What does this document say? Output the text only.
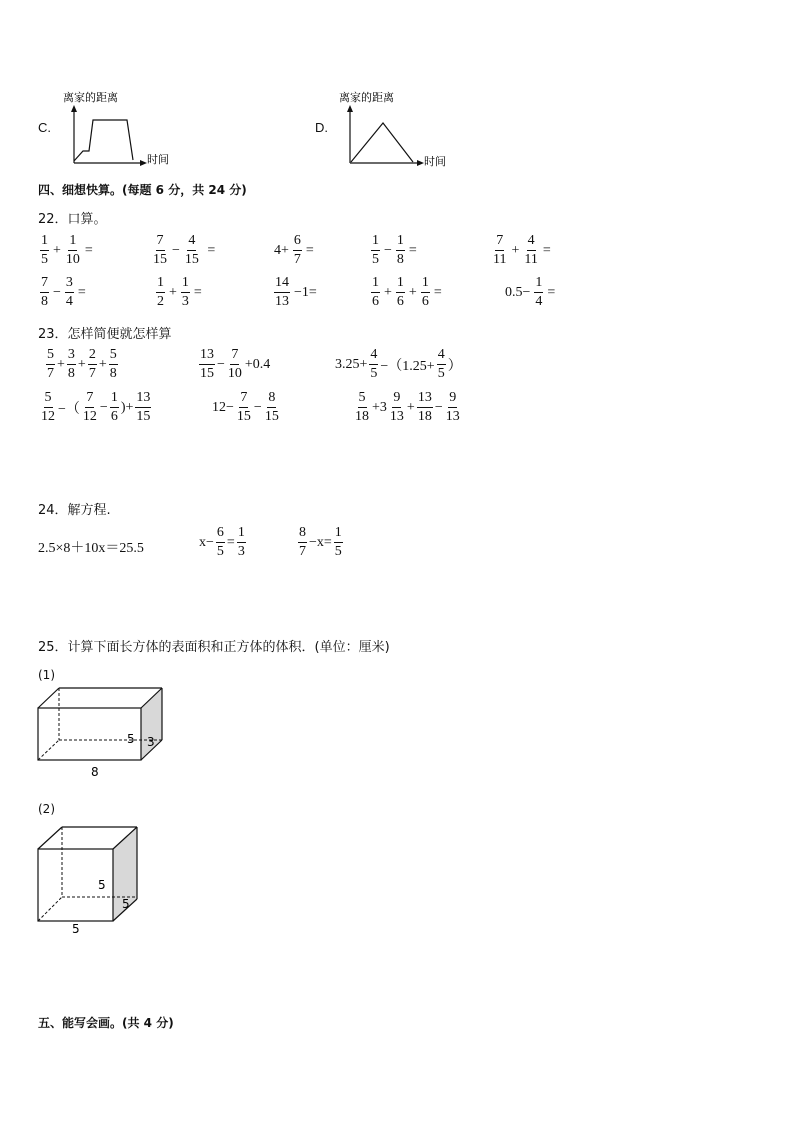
C.
离家的距离
时间
D.
离家的距离
时间
四、细想快算。(每题 6 分，共 24 分)
22．口算。
$\frac{1}{5} + \frac{1}{10}$ =	$\frac{7}{15} - \frac{4}{15}$ =	$4+ \frac{6}{7}$ =	$\frac{1}{5} - \frac{1}{8}$ =	$\frac{7}{11} + \frac{4}{11}$ =
$\frac{7}{8} - \frac{3}{4}$ =	$\frac{1}{2} + \frac{1}{3}$ =	$\frac{14}{13} -1=$	$\frac{1}{6} + \frac{1}{6} + \frac{1}{6}$ =	$0.5- \frac{1}{4}$ =
23．怎样简便就怎样算
$\frac{5}{7} + \frac{3}{8} + \frac{2}{7} + \frac{5}{8}$	$\frac{13}{15} - \frac{7}{10} +0.4$	$3.25+ \frac{4}{5} -(1.25+ \frac{4}{5}$ ）
$\frac{5}{12}$ −（ $\frac{7}{12} - \frac{1}{6}$ )+ $\frac{13}{15}$	$12- \frac{7}{15} - \frac{8}{15}$	$\frac{5}{18} +3 \frac{9}{13} + \frac{13}{18} - \frac{9}{13}$
24．解方程.
2.5×8＋10x＝25.5	$x- \frac{6}{5} = \frac{1}{3}$	$\frac{8}{7} -x= \frac{1}{5}$
25．计算下面长方体的表面积和正方体的体积．(单位：厘米)
(1)
5 3
8
(2)
5
5
5
五、能写会画。(共 4 分)
